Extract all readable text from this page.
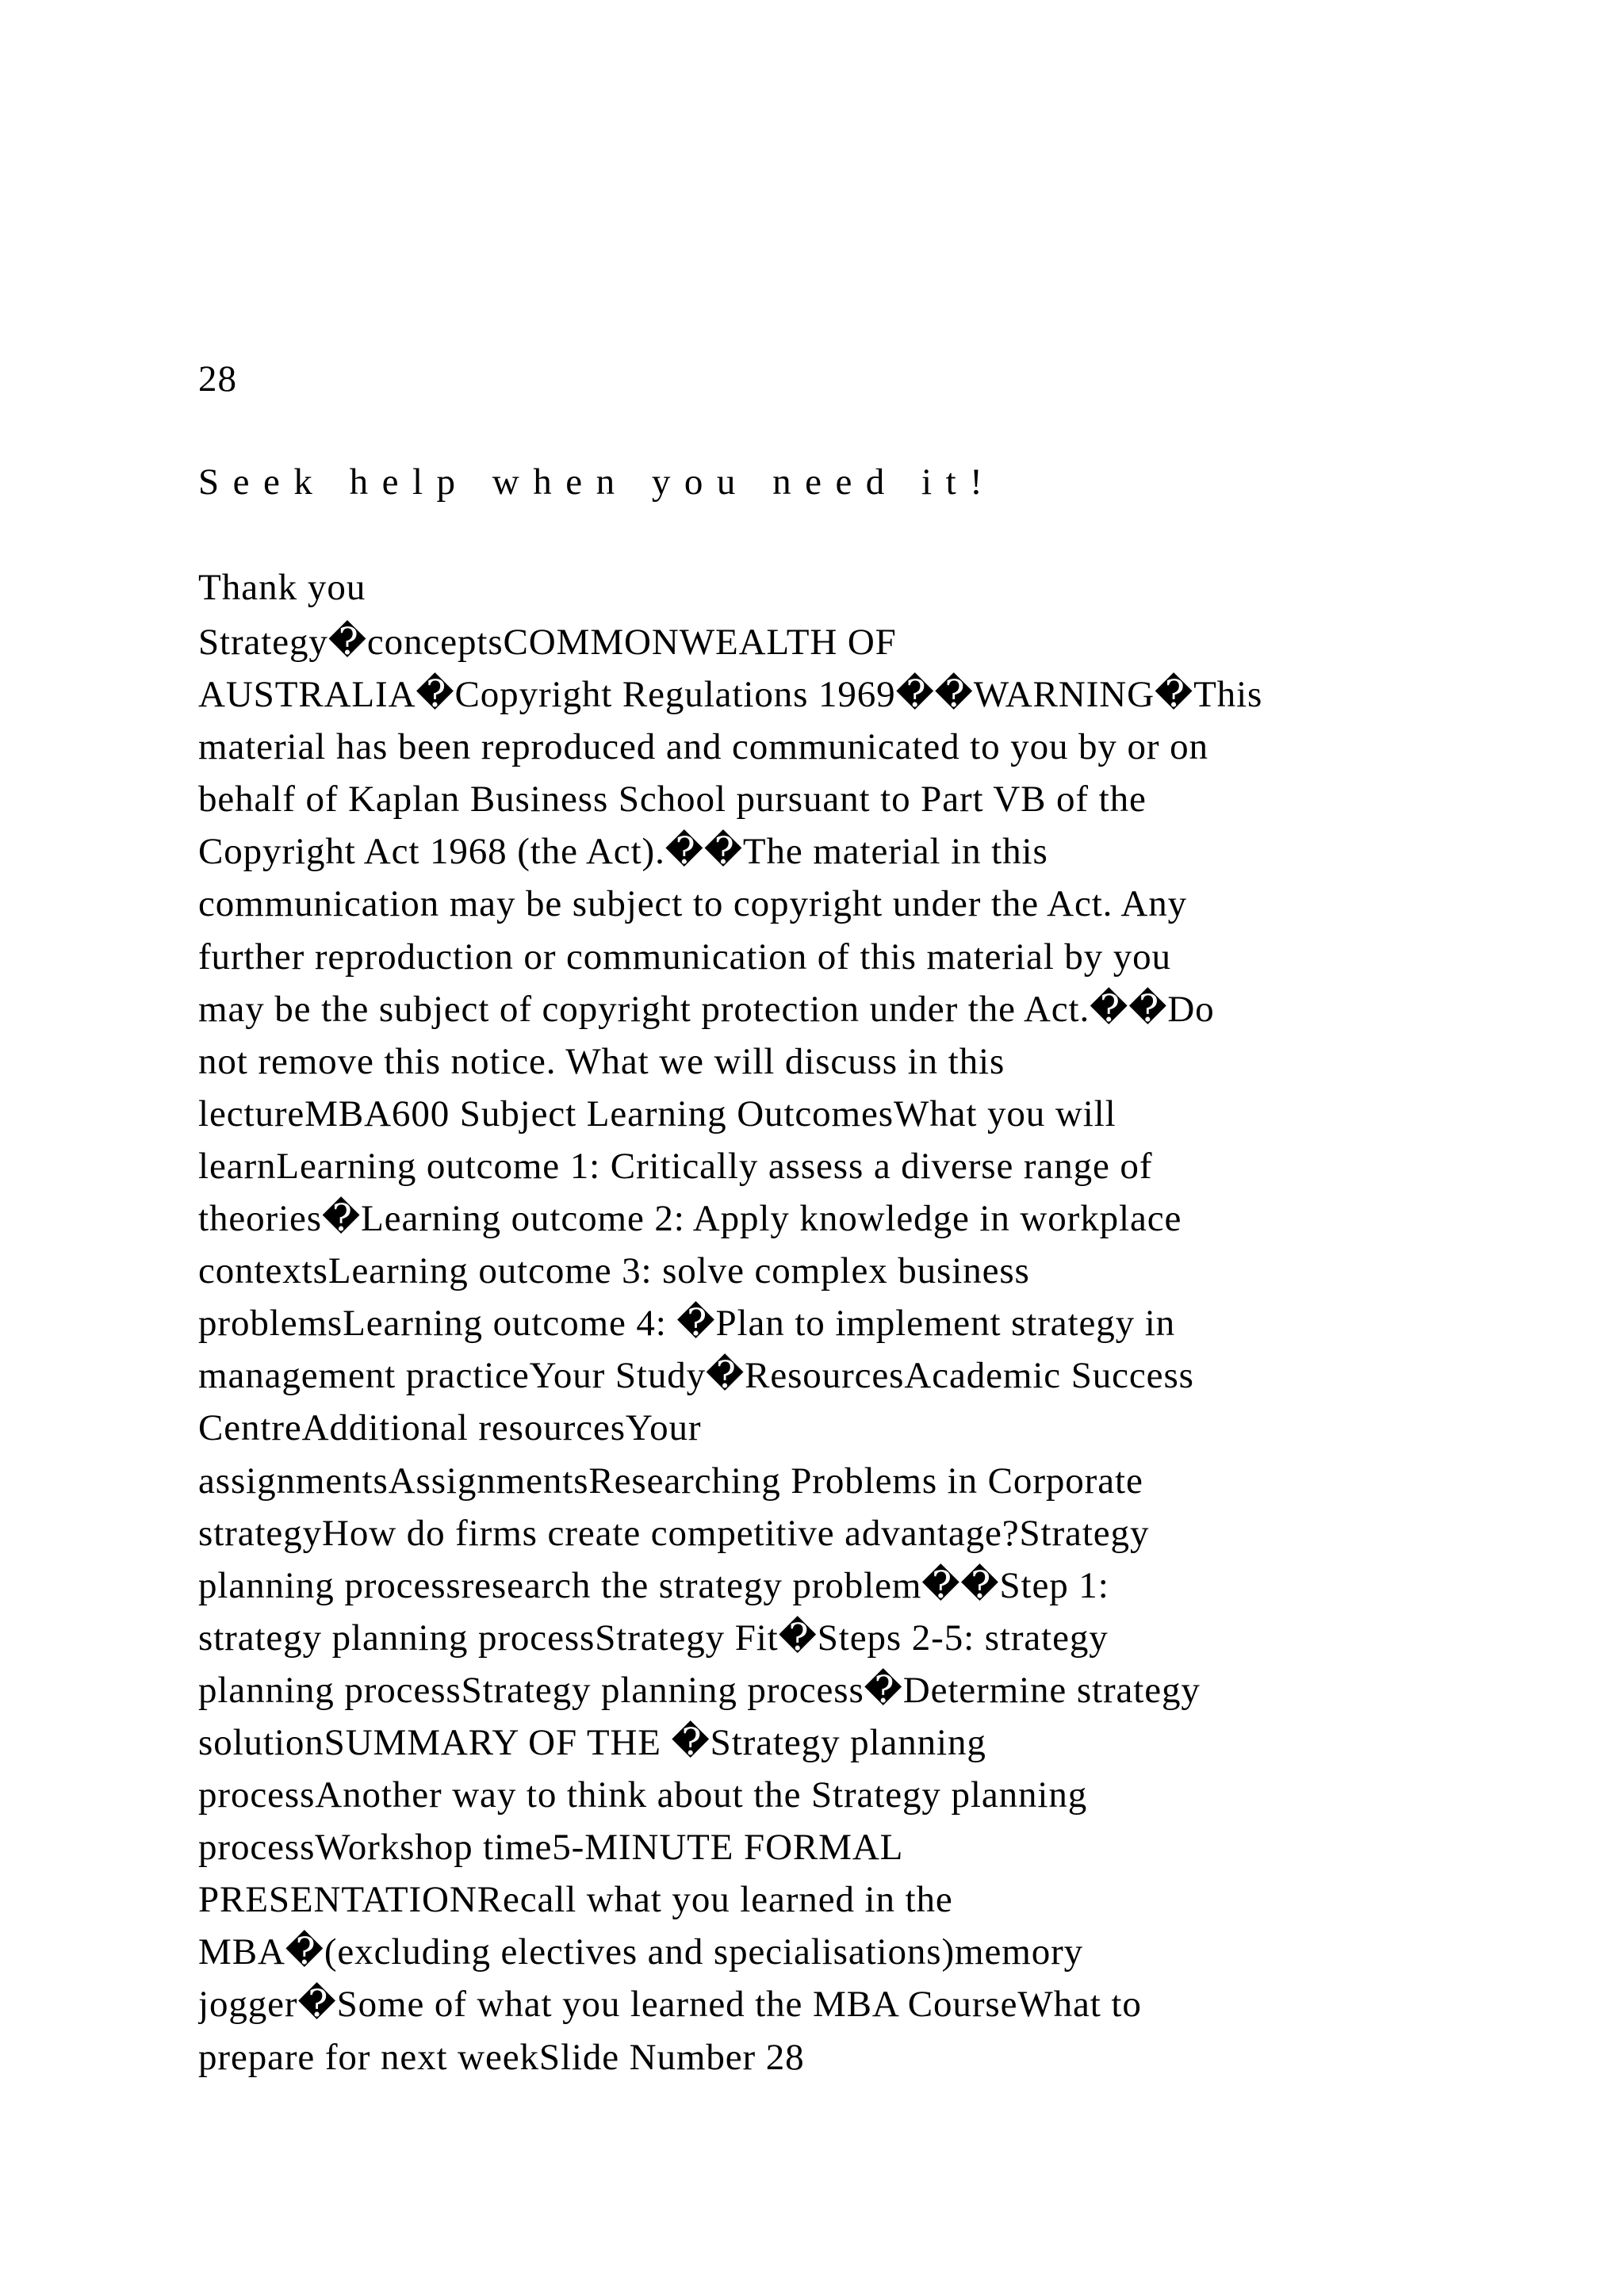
28
Seek help when you need it!
Thank you
Strategy�conceptsCOMMONWEALTH OF
AUSTRALIA�Copyright Regulations 1969��WARNING�This
material has been reproduced and communicated to you by or on
behalf of Kaplan Business School pursuant to Part VB of the
Copyright Act 1968 (the Act).��The material in this
communication may be subject to copyright under the Act. Any
further reproduction or communication of this material by you
may be the subject of copyright protection under the Act.��Do
not remove this notice. What we will discuss in this
lectureMBA600 Subject Learning OutcomesWhat you will
learnLearning outcome 1: Critically assess a diverse range of
theories�Learning outcome 2: Apply knowledge in workplace
contextsLearning outcome 3: solve complex business
problemsLearning outcome 4: �Plan to implement strategy in
management practiceYour Study�ResourcesAcademic Success
CentreAdditional resourcesYour
assignmentsAssignmentsResearching Problems in Corporate
strategyHow do firms create competitive advantage?Strategy
planning processresearch the strategy problem��Step 1:
strategy planning processStrategy Fit�Steps 2-5: strategy
planning processStrategy planning process�Determine strategy
solutionSUMMARY OF THE �Strategy planning
processAnother way to think about the Strategy planning
processWorkshop time5-MINUTE FORMAL
PRESENTATIONRecall what you learned in the
MBA�(excluding electives and specialisations)memory
jogger�Some of what you learned the MBA CourseWhat to
prepare for next weekSlide Number 28
